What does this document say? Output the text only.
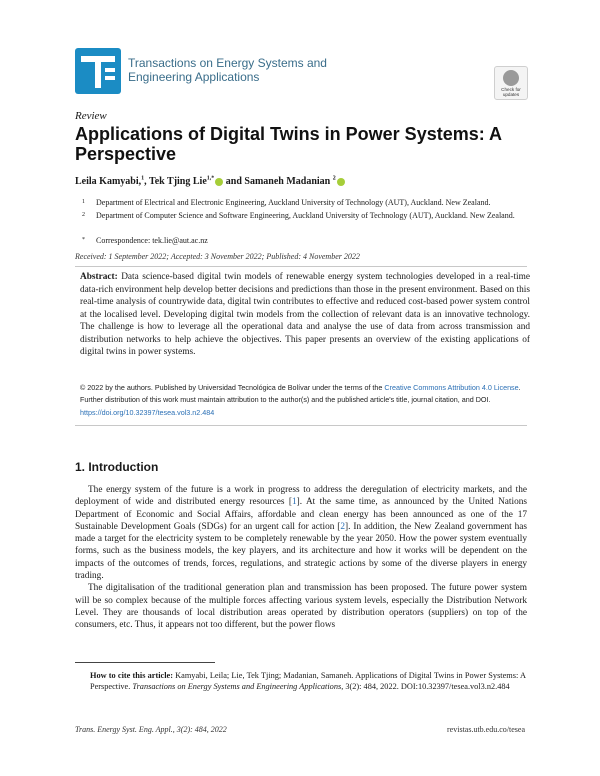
Transactions on Energy Systems and
Engineering Applications
Check for
updates
Review
Applications of Digital Twins in Power Systems: A Perspective
Leila Kamyabi,$^1$, Tek Tjing Lie$^{1,*}$ and Samaneh Madanian $^2$
1 Department of Electrical and Electronic Engineering, Auckland University of Technology (AUT), Auckland. New Zealand.
2 Department of Computer Science and Software Engineering, Auckland University of Technology (AUT), Auckland. New Zealand.
* Correspondence: tek.lie@aut.ac.nz
Received: 1 September 2022; Accepted: 3 November 2022; Published: 4 November 2022
Abstract: Data science-based digital twin models of renewable energy system technologies developed in a real-time data-rich environment help develop better decisions and predictions than those in the present environment. Based on this real-time analysis of countrywide data, digital twin contributes to effective and reduced cost-based power system control at the localised level. Developing digital twin models from the collection of relevant data is an innovative technology. The challenge is how to leverage all the operational data and analyse the use of data from across transmission and distribution networks to help achieve the objectives. This paper presents an overview of the existing applications of digital twins in power systems.
© 2022 by the authors. Published by Universidad Tecnológica de Bolívar under the terms of the Creative Commons Attribution 4.0 License. Further distribution of this work must maintain attribution to the author(s) and the published article's title, journal citation, and DOI. https://doi.org/10.32397/tesea.vol3.n2.484
1. Introduction

The energy system of the future is a work in progress to address the deregulation of electricity markets, and the deployment of wide and distributed energy resources [1]. At the same time, as announced by the United Nations Department of Economic and Social Affairs, affordable and clean energy has been announced as one of the 17 Sustainable Development Goals (SDGs) for an urgent call for action [2]. In addition, the New Zealand government has made a target for the electricity system to be completely renewable by the year 2050. How the power system eventually forms, such as the business models, the key players, and its architecture and how it works will be dependent on the impacts of the outcomes of trends, forces, regulations, and strategic actions by some of the diverse players in energy trading.

The digitalisation of the traditional generation plan and transmission has been proposed. The future power system will be so complex because of the multiple forces affecting various system levels, especially the Distribution Network Level. They are thousands of local distribution areas operated by distribution operators (suppliers) on top of the consumers, etc. Thus, it appears not too different, but the power flows

How to cite this article: Kamyabi, Leila; Lie, Tek Tjing; Madanian, Samaneh. Applications of Digital Twins in Power Systems: A Perspective. Transactions on Energy Systems and Engineering Applications, 3(2): 484, 2022. DOI:10.32397/tesea.vol3.n2.484
Trans. Energy Syst. Eng. Appl., 3(2): 484, 2022	revistas.utb.edu.co/tesea
